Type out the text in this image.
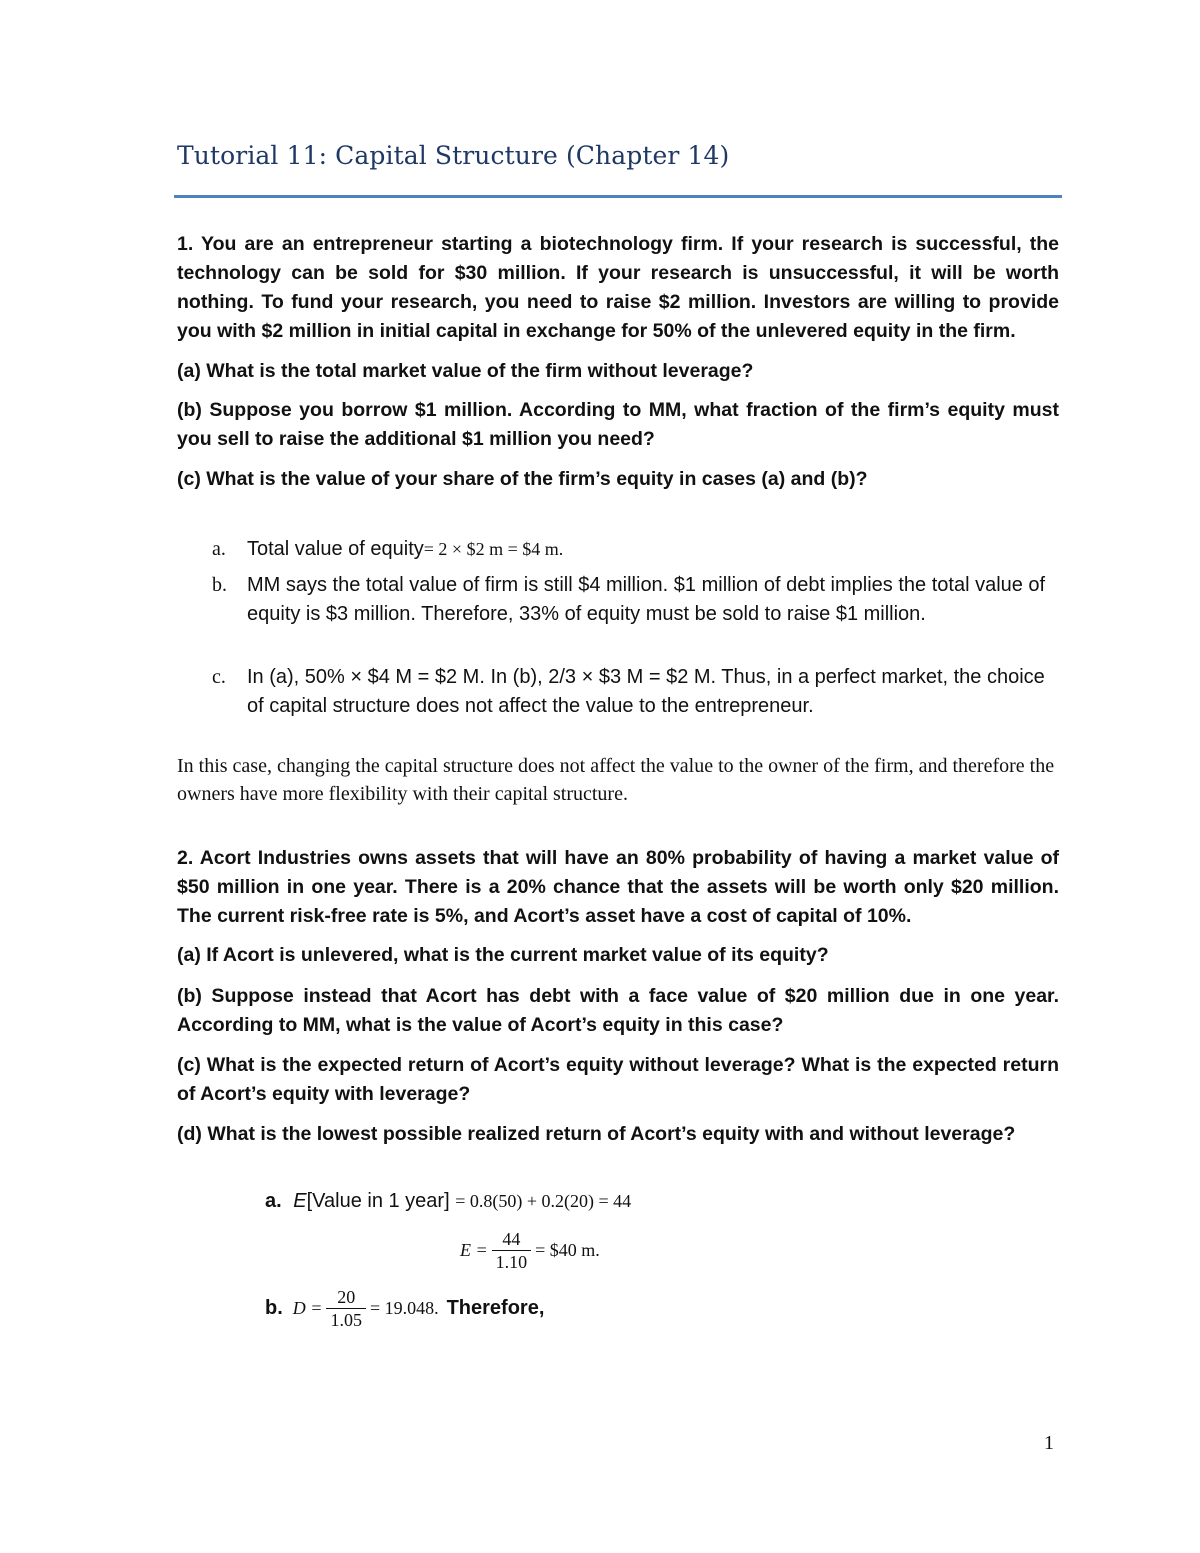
Tutorial 11: Capital Structure (Chapter 14)
1. You are an entrepreneur starting a biotechnology firm. If your research is successful, the technology can be sold for $30 million. If your research is unsuccessful, it will be worth nothing. To fund your research, you need to raise $2 million. Investors are willing to provide you with $2 million in initial capital in exchange for 50% of the unlevered equity in the firm.
(a) What is the total market value of the firm without leverage?
(b) Suppose you borrow $1 million. According to MM, what fraction of the firm’s equity must you sell to raise the additional $1 million you need?
(c) What is the value of your share of the firm’s equity in cases (a) and (b)?
a. Total value of equity= 2 × $2 m = $4 m.
b. MM says the total value of firm is still $4 million. $1 million of debt implies the total value of equity is $3 million. Therefore, 33% of equity must be sold to raise $1 million.
c. In (a), 50% × $4 M = $2 M. In (b), 2/3 × $3 M = $2 M. Thus, in a perfect market, the choice of capital structure does not affect the value to the entrepreneur.
In this case, changing the capital structure does not affect the value to the owner of the firm, and therefore the owners have more flexibility with their capital structure.
2. Acort Industries owns assets that will have an 80% probability of having a market value of $50 million in one year. There is a 20% chance that the assets will be worth only $20 million. The current risk-free rate is 5%, and Acort’s asset have a cost of capital of 10%.
(a) If Acort is unlevered, what is the current market value of its equity?
(b) Suppose instead that Acort has debt with a face value of $20 million due in one year. According to MM, what is the value of Acort’s equity in this case?
(c) What is the expected return of Acort’s equity without leverage? What is the expected return of Acort’s equity with leverage?
(d) What is the lowest possible realized return of Acort’s equity with and without leverage?
a. E[Value in 1 year] = 0.8(50) + 0.2(20) = 44
$E = \frac{44}{1.10}$ = $40 m.
b. $D = \frac{20}{1.05} = 19.048$. Therefore,
1
